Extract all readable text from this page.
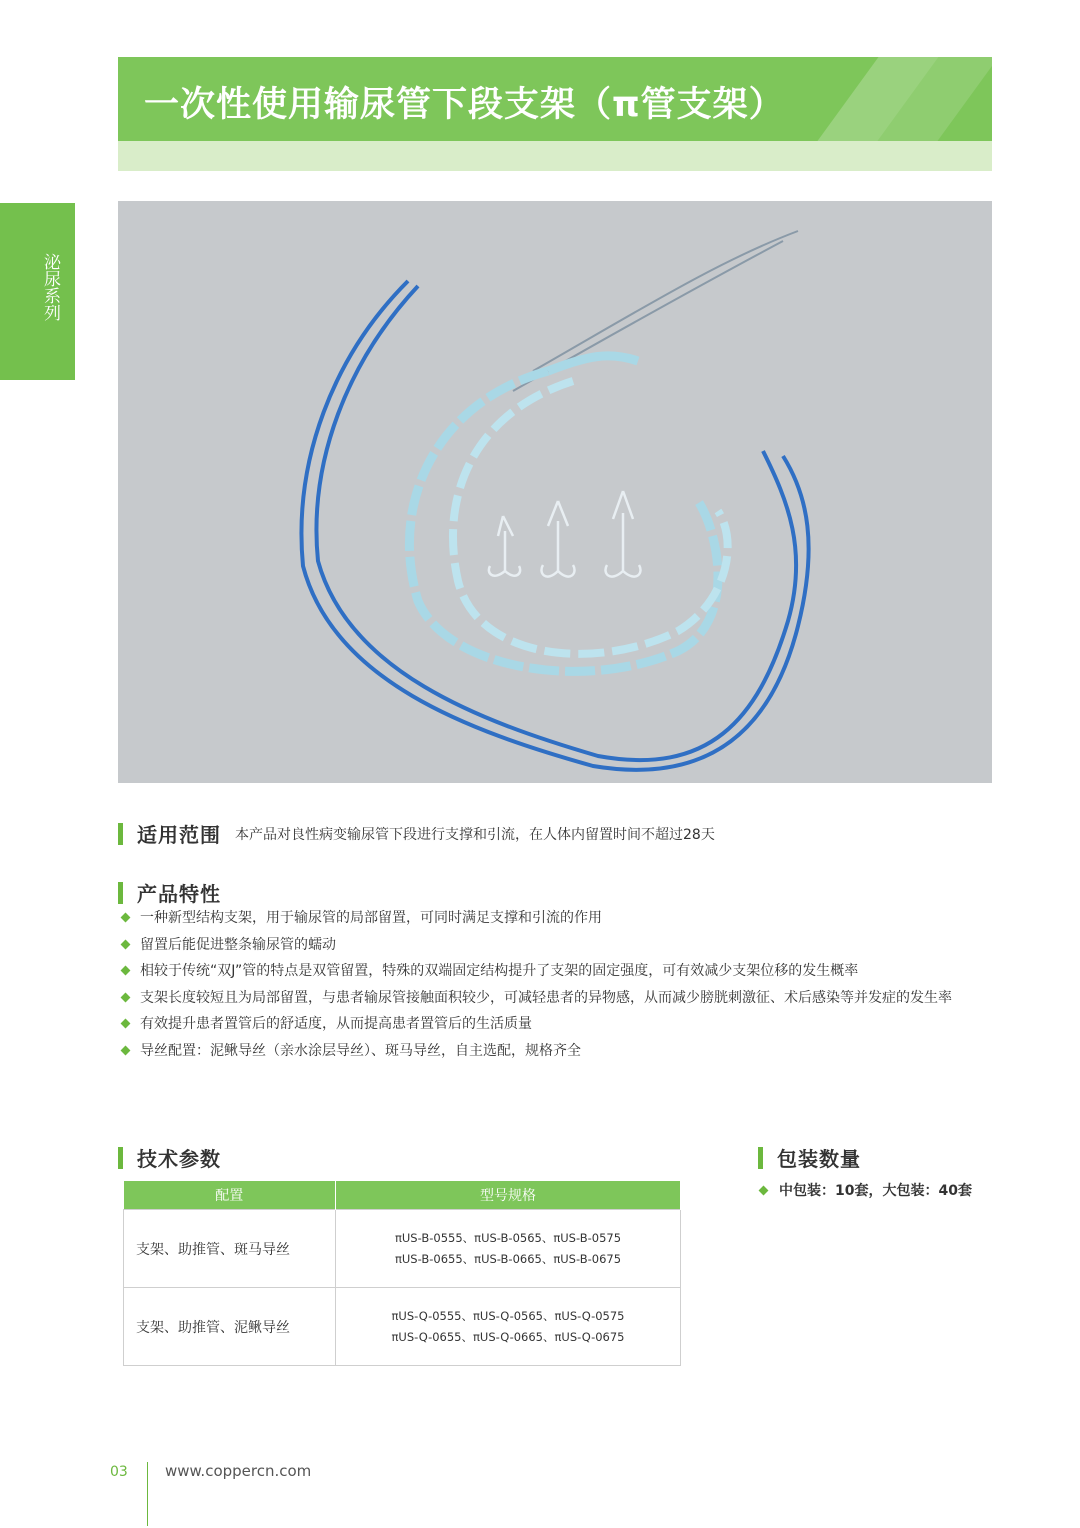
一次性使用输尿管下段支架（π管支架）
泌尿系列
适用范围 本产品对良性病变输尿管下段进行支撑和引流，在人体内留置时间不超过28天
产品特性
一种新型结构支架，用于输尿管的局部留置，可同时满足支撑和引流的作用
留置后能促进整条输尿管的蠕动
相较于传统“双J”管的特点是双管留置，特殊的双端固定结构提升了支架的固定强度，可有效减少支架位移的发生概率
支架长度较短且为局部留置，与患者输尿管接触面积较少，可减轻患者的异物感，从而减少膀胱刺激征、术后感染等并发症的发生率
有效提升患者置管后的舒适度，从而提高患者置管后的生活质量
导丝配置：泥鳅导丝（亲水涂层导丝）、斑马导丝，自主选配，规格齐全
技术参数
配置	型号规格
支架、助推管、斑马导丝	πUS-B-0555、πUS-B-0565、πUS-B-0575
πUS-B-0655、πUS-B-0665、πUS-B-0675

支架、助推管、泥鳅导丝	πUS-Q-0555、πUS-Q-0565、πUS-Q-0575
πUS-Q-0655、πUS-Q-0665、πUS-Q-0675
包装数量
中包装：10套，大包装：40套
03 www.coppercn.com
